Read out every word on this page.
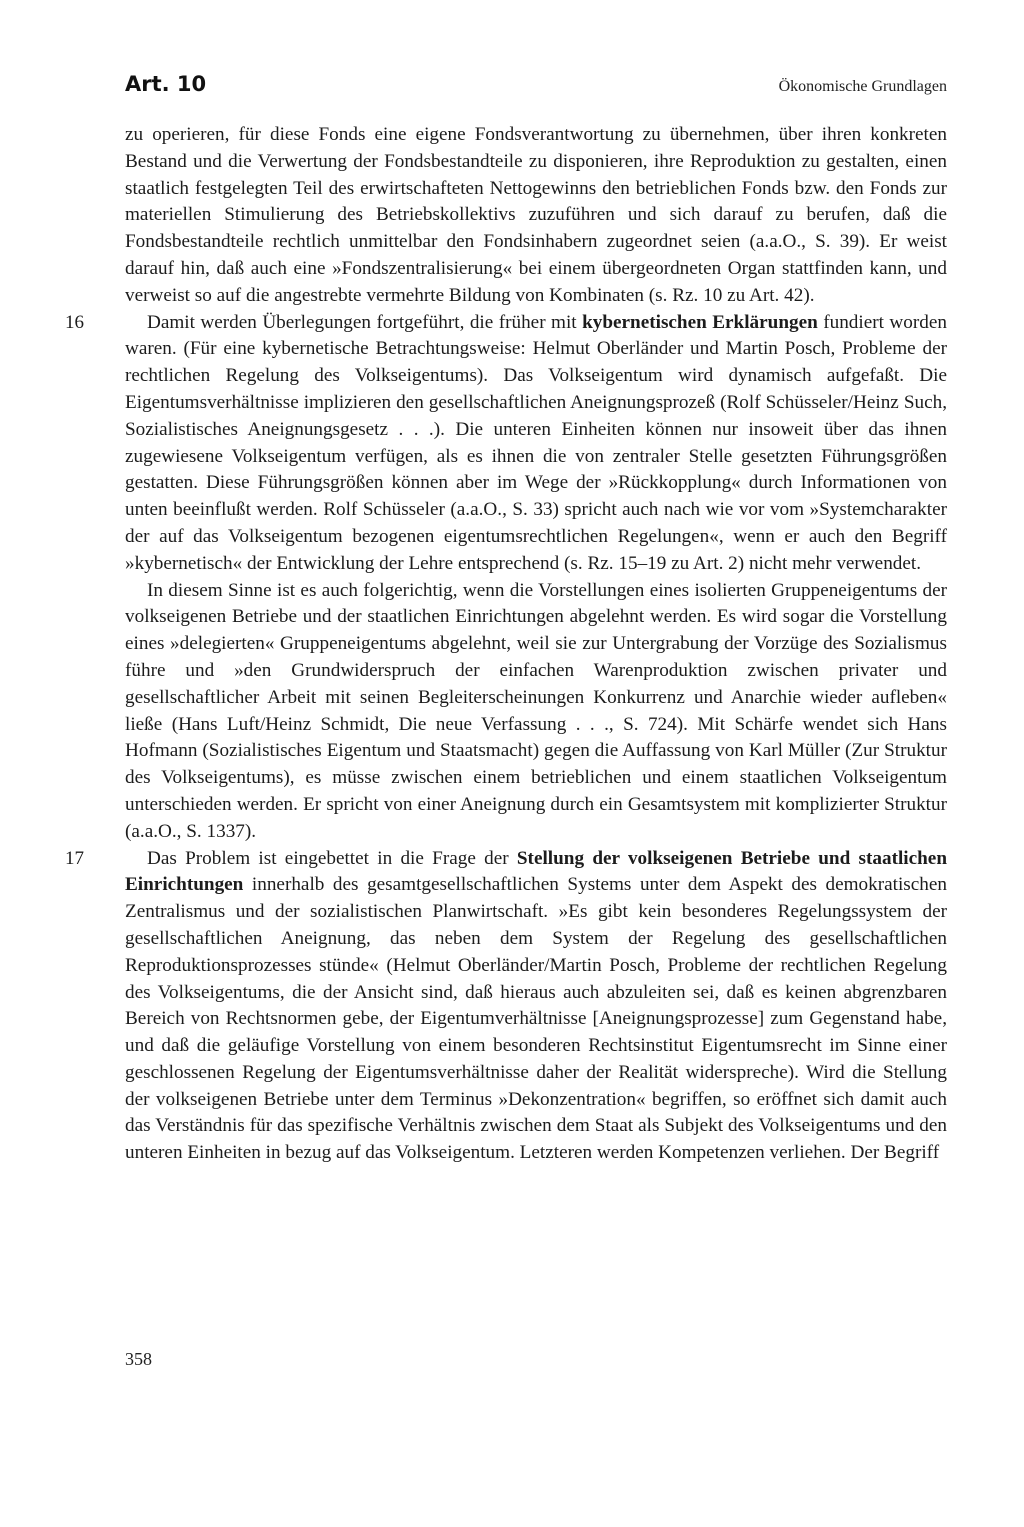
Art. 10	Ökonomische Grundlagen

zu operieren, für diese Fonds eine eigene Fondsverantwortung zu übernehmen, über ihren konkreten Bestand und die Verwertung der Fondsbestandteile zu disponieren, ihre Reproduktion zu gestalten, einen staatlich festgelegten Teil des erwirtschafteten Nettogewinns den betrieblichen Fonds bzw. den Fonds zur materiellen Stimulierung des Betriebskollektivs zuzuführen und sich darauf zu berufen, daß die Fondsbestandteile rechtlich unmittelbar den Fondsinhabern zugeordnet seien (a.a.O., S. 39). Er weist darauf hin, daß auch eine »Fondszentralisierung« bei einem übergeordneten Organ stattfinden kann, und verweist so auf die angestrebte vermehrte Bildung von Kombinaten (s. Rz. 10 zu Art. 42).

16	Damit werden Überlegungen fortgeführt, die früher mit kybernetischen Erklärungen fundiert worden waren. (Für eine kybernetische Betrachtungsweise: Helmut Oberländer und Martin Posch, Probleme der rechtlichen Regelung des Volkseigentums). Das Volkseigentum wird dynamisch aufgefaßt. Die Eigentumsverhältnisse implizieren den gesellschaftlichen Aneignungsprozeß (Rolf Schüsseler/Heinz Such, Sozialistisches Aneignungsgesetz . . .). Die unteren Einheiten können nur insoweit über das ihnen zugewiesene Volkseigentum verfügen, als es ihnen die von zentraler Stelle gesetzten Führungsgrößen gestatten. Diese Führungsgrößen können aber im Wege der »Rückkopplung« durch Informationen von unten beeinflußt werden. Rolf Schüsseler (a.a.O., S. 33) spricht auch nach wie vor vom »Systemcharakter der auf das Volkseigentum bezogenen eigentumsrechtlichen Regelungen«, wenn er auch den Begriff »kybernetisch« der Entwicklung der Lehre entsprechend (s. Rz. 15–19 zu Art. 2) nicht mehr verwendet.

In diesem Sinne ist es auch folgerichtig, wenn die Vorstellungen eines isolierten Gruppeneigentums der volkseigenen Betriebe und der staatlichen Einrichtungen abgelehnt werden. Es wird sogar die Vorstellung eines »delegierten« Gruppeneigentums abgelehnt, weil sie zur Untergrabung der Vorzüge des Sozialismus führe und »den Grundwiderspruch der einfachen Warenproduktion zwischen privater und gesellschaftlicher Arbeit mit seinen Begleiterscheinungen Konkurrenz und Anarchie wieder aufleben« ließe (Hans Luft/Heinz Schmidt, Die neue Verfassung . . ., S. 724). Mit Schärfe wendet sich Hans Hofmann (Sozialistisches Eigentum und Staatsmacht) gegen die Auffassung von Karl Müller (Zur Struktur des Volkseigentums), es müsse zwischen einem betrieblichen und einem staatlichen Volkseigentum unterschieden werden. Er spricht von einer Aneignung durch ein Gesamtsystem mit komplizierter Struktur (a.a.O., S. 1337).

17	Das Problem ist eingebettet in die Frage der Stellung der volkseigenen Betriebe und staatlichen Einrichtungen innerhalb des gesamtgesellschaftlichen Systems unter dem Aspekt des demokratischen Zentralismus und der sozialistischen Planwirtschaft. »Es gibt kein besonderes Regelungssystem der gesellschaftlichen Aneignung, das neben dem System der Regelung des gesellschaftlichen Reproduktionsprozesses stünde« (Helmut Oberländer/Martin Posch, Probleme der rechtlichen Regelung des Volkseigentums, die der Ansicht sind, daß hieraus auch abzuleiten sei, daß es keinen abgrenzbaren Bereich von Rechtsnormen gebe, der Eigentumverhältnisse [Aneignungsprozesse] zum Gegenstand habe, und daß die geläufige Vorstellung von einem besonderen Rechtsinstitut Eigentumsrecht im Sinne einer geschlossenen Regelung der Eigentumsverhältnisse daher der Realität widerspreche). Wird die Stellung der volkseigenen Betriebe unter dem Terminus »Dekonzentration« begriffen, so eröffnet sich damit auch das Verständnis für das spezifische Verhältnis zwischen dem Staat als Subjekt des Volkseigentums und den unteren Einheiten in bezug auf das Volkseigentum. Letzteren werden Kompetenzen verliehen. Der Begriff

358
